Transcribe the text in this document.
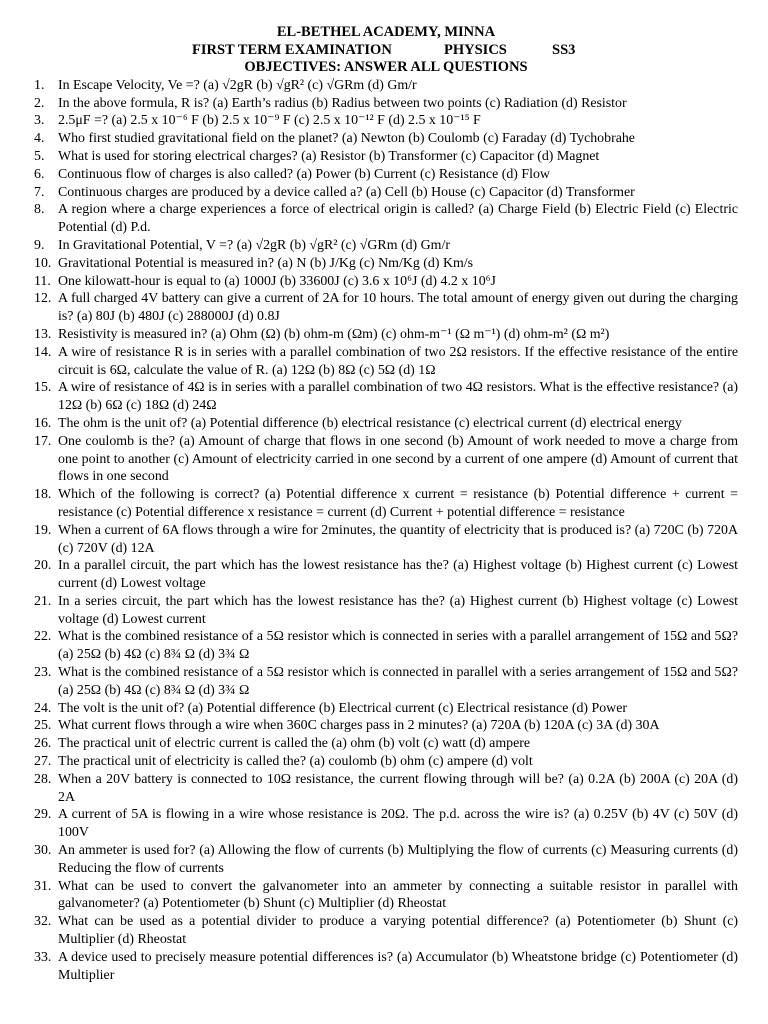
EL-BETHEL ACADEMY, MINNA
FIRST TERM EXAMINATION	PHYSICS	SS3
OBJECTIVES: ANSWER ALL QUESTIONS
1. In Escape Velocity, Ve =? (a) √2gR (b) √gR² (c) √GRm (d) Gm/r
2. In the above formula, R is? (a) Earth’s radius (b) Radius between two points (c) Radiation (d) Resistor
3. 2.5μF =? (a) 2.5 x 10⁻⁶ F (b) 2.5 x 10⁻⁹ F (c) 2.5 x 10⁻¹² F (d) 2.5 x 10⁻¹⁵ F
4. Who first studied gravitational field on the planet? (a) Newton (b) Coulomb (c) Faraday (d) Tychobrahe
5. What is used for storing electrical charges? (a) Resistor (b) Transformer (c) Capacitor (d) Magnet
6. Continuous flow of charges is also called? (a) Power (b) Current (c) Resistance (d) Flow
7. Continuous charges are produced by a device called a? (a) Cell (b) House (c) Capacitor (d) Transformer
8. A region where a charge experiences a force of electrical origin is called? (a) Charge Field (b) Electric Field (c) Electric Potential (d) P.d.
9. In Gravitational Potential, V =? (a) √2gR (b) √gR² (c) √GRm (d) Gm/r
10. Gravitational Potential is measured in? (a) N (b) J/Kg (c) Nm/Kg (d) Km/s
11. One kilowatt-hour is equal to (a) 1000J (b) 33600J (c) 3.6 x 10⁶J (d) 4.2 x 10⁶J
12. A full charged 4V battery can give a current of 2A for 10 hours. The total amount of energy given out during the charging is? (a) 80J (b) 480J (c) 288000J (d) 0.8J
13. Resistivity is measured in? (a) Ohm (Ω) (b) ohm-m (Ωm) (c) ohm-m⁻¹ (Ω m⁻¹) (d) ohm-m² (Ω m²)
14. A wire of resistance R is in series with a parallel combination of two 2Ω resistors. If the effective resistance of the entire circuit is 6Ω, calculate the value of R. (a) 12Ω (b) 8Ω (c) 5Ω (d) 1Ω
15. A wire of resistance of 4Ω is in series with a parallel combination of two 4Ω resistors. What is the effective resistance? (a) 12Ω (b) 6Ω (c) 18Ω (d) 24Ω
16. The ohm is the unit of? (a) Potential difference (b) electrical resistance (c) electrical current (d) electrical energy
17. One coulomb is the? (a) Amount of charge that flows in one second (b) Amount of work needed to move a charge from one point to another (c) Amount of electricity carried in one second by a current of one ampere (d) Amount of current that flows in one second
18. Which of the following is correct? (a) Potential difference x current = resistance (b) Potential difference + current = resistance (c) Potential difference x resistance = current (d) Current + potential difference = resistance
19. When a current of 6A flows through a wire for 2minutes, the quantity of electricity that is produced is? (a) 720C (b) 720A (c) 720V (d) 12A
20. In a parallel circuit, the part which has the lowest resistance has the? (a) Highest voltage (b) Highest current (c) Lowest current (d) Lowest voltage
21. In a series circuit, the part which has the lowest resistance has the? (a) Highest current (b) Highest voltage (c) Lowest voltage (d) Lowest current
22. What is the combined resistance of a 5Ω resistor which is connected in series with a parallel arrangement of 15Ω and 5Ω? (a) 25Ω (b) 4Ω (c) 8¾ Ω (d) 3¾ Ω
23. What is the combined resistance of a 5Ω resistor which is connected in parallel with a series arrangement of 15Ω and 5Ω? (a) 25Ω (b) 4Ω (c) 8¾ Ω (d) 3¾ Ω
24. The volt is the unit of? (a) Potential difference (b) Electrical current (c) Electrical resistance (d) Power
25. What current flows through a wire when 360C charges pass in 2 minutes? (a) 720A (b) 120A (c) 3A (d) 30A
26. The practical unit of electric current is called the (a) ohm (b) volt (c) watt (d) ampere
27. The practical unit of electricity is called the? (a) coulomb (b) ohm (c) ampere (d) volt
28. When a 20V battery is connected to 10Ω resistance, the current flowing through will be? (a) 0.2A (b) 200A (c) 20A (d) 2A
29. A current of 5A is flowing in a wire whose resistance is 20Ω. The p.d. across the wire is? (a) 0.25V (b) 4V (c) 50V (d) 100V
30. An ammeter is used for? (a) Allowing the flow of currents (b) Multiplying the flow of currents (c) Measuring currents (d) Reducing the flow of currents
31. What can be used to convert the galvanometer into an ammeter by connecting a suitable resistor in parallel with galvanometer? (a) Potentiometer (b) Shunt (c) Multiplier (d) Rheostat
32. What can be used as a potential divider to produce a varying potential difference? (a) Potentiometer (b) Shunt (c) Multiplier (d) Rheostat
33. A device used to precisely measure potential differences is? (a) Accumulator (b) Wheatstone bridge (c) Potentiometer (d) Multiplier
